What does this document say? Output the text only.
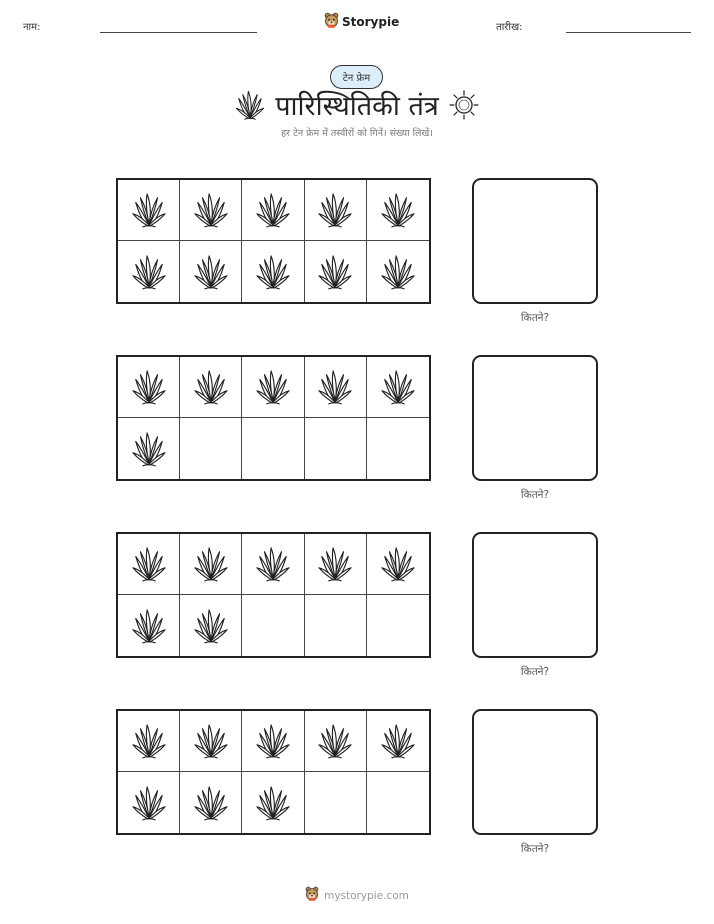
नाम:	Storypie	तारीख:
टेन फ्रेम
पारिस्थितिकी तंत्र
हर टेन फ्रेम में तस्वीरों को गिनें। संख्या लिखें।
कितने?
कितने?
कितने?
कितने?
mystorypie.com
